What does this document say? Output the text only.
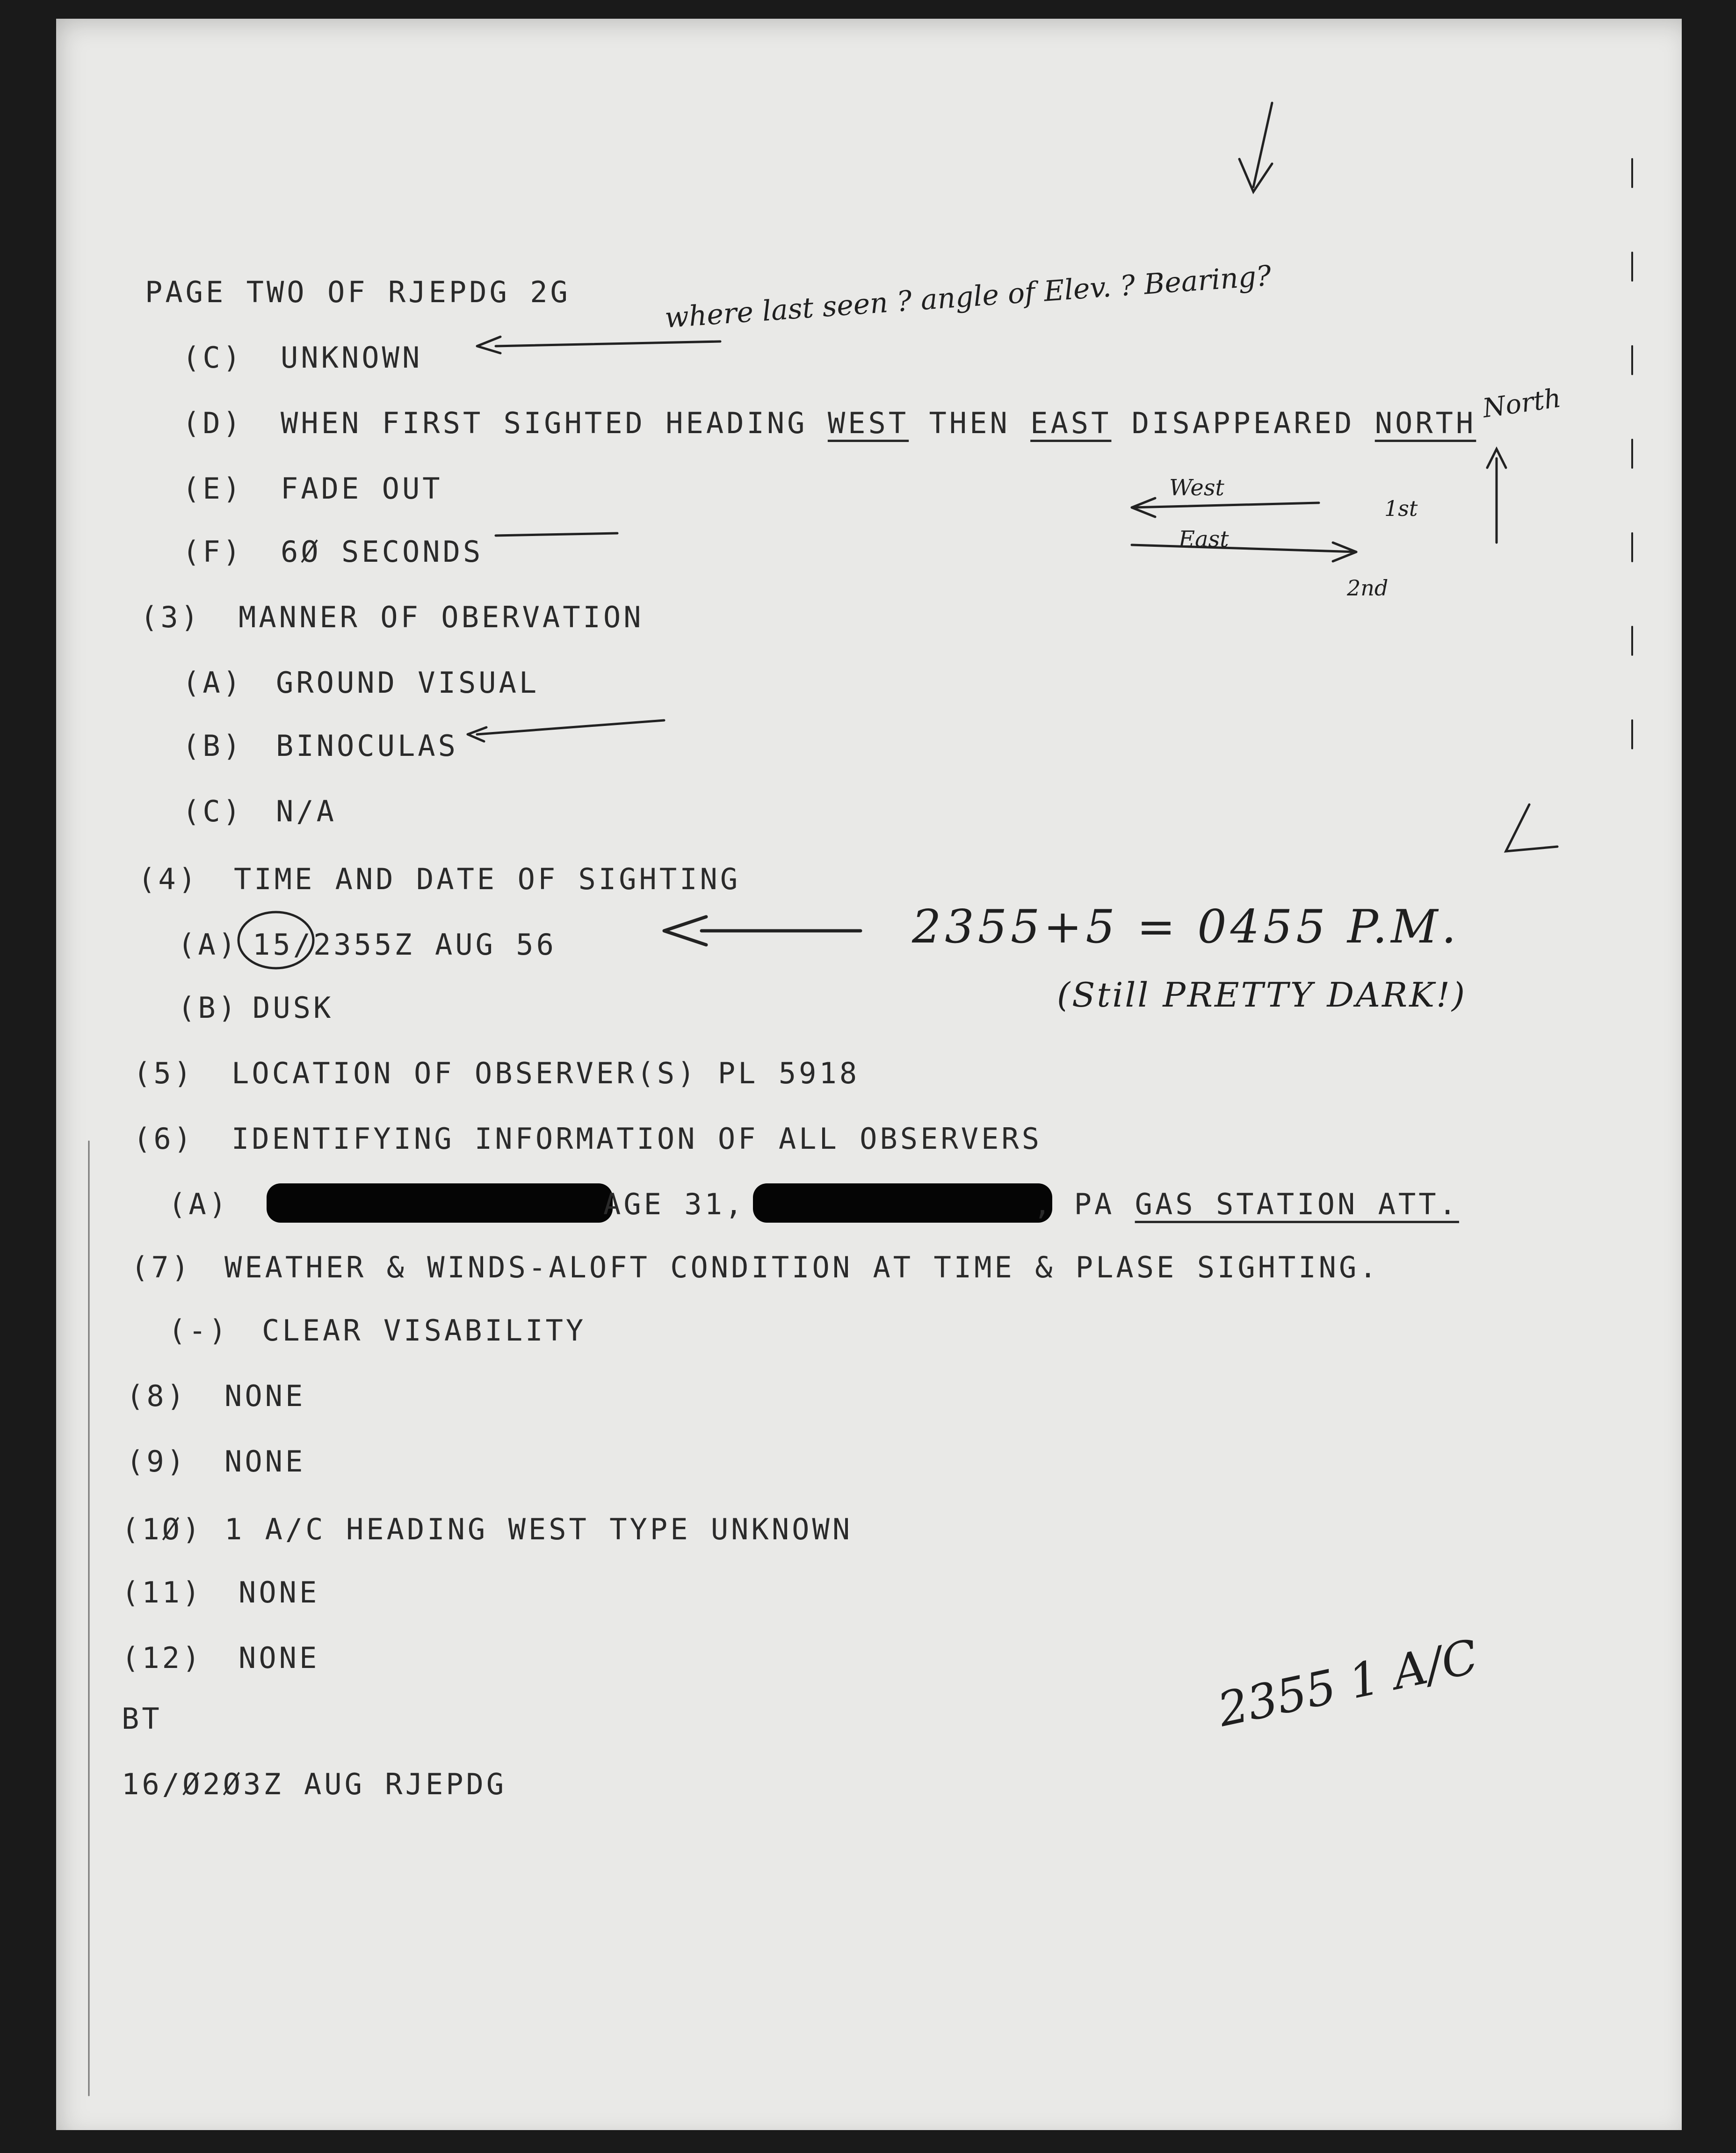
PAGE TWO OF RJEPDG 2G
(C) UNKNOWN
(D) WHEN FIRST SIGHTED HEADING WEST THEN EAST DISAPPEARED NORTH
(E) FADE OUT
(F) 6Ø SECONDS
(3) MANNER OF OBERVATION
(A) GROUND VISUAL
(B) BINOCULAS
(C) N/A
(4) TIME AND DATE OF SIGHTING
(A) 15/2355Z AUG 56
(B) DUSK
(5) LOCATION OF OBSERVER(S) PL 5918
(6) IDENTIFYING INFORMATION OF ALL OBSERVERS
(A)	AGE 31,	, PA GAS STATION ATT.
(7) WEATHER & WINDS-ALOFT CONDITION AT TIME & PLASE SIGHTING.
(-) CLEAR VISABILITY
(8) NONE
(9) NONE
(1Ø) 1 A/C HEADING WEST TYPE UNKNOWN
(11) NONE
(12) NONE
BT
16/Ø2Ø3Z AUG RJEPDG
where last seen ? angle of Elev. ? Bearing?
North
West
East
1st
2nd
2355+5 = 0455 P.M.
(Still PRETTY DARK!)
2355 1 A/C
